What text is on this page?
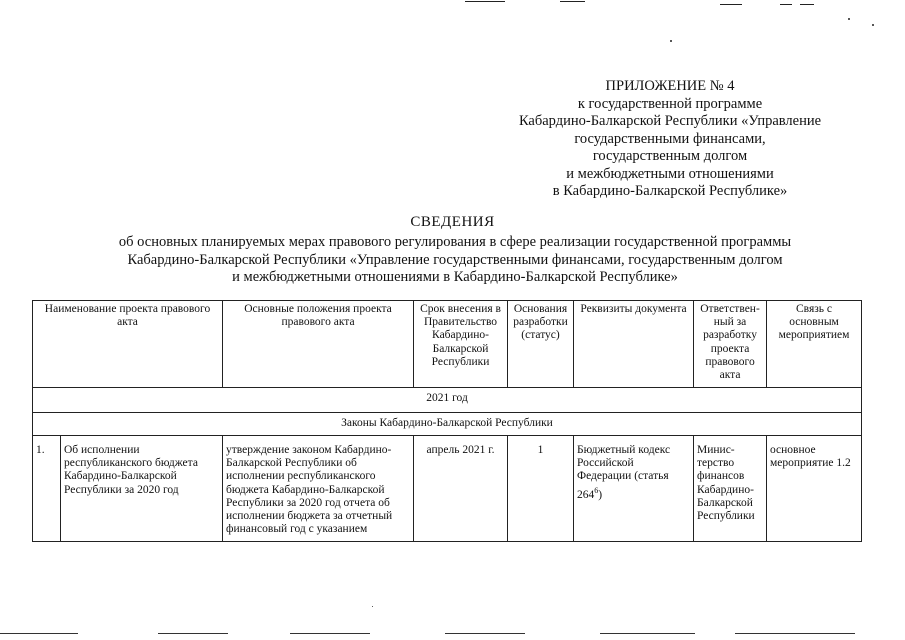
ПРИЛОЖЕНИЕ № 4
к государственной программе
Кабардино-Балкарской Республики «Управление
государственными финансами,
государственным долгом
и межбюджетными отношениями
в Кабардино-Балкарской Республике»
СВЕДЕНИЯ
об основных планируемых мерах правового регулирования в сфере реализации государственной программы
Кабардино-Балкарской Республики «Управление государственными финансами, государственным долгом
и межбюджетными отношениями в Кабардино-Балкарской Республике»
Наименование проекта правового акта		Основные положения проекта правового акта	Срок внесения в Правительство Кабардино-Балкарской Республики	Основания разработки (статус)	Реквизиты документа	Ответствен-ный за разработку проекта правового акта	Связь с основным мероприятием
2021 год							
Законы Кабардино-Балкарской Республики							
1.	Об исполнении республиканского бюджета Кабардино-Балкарской Республики за 2020 год	утверждение законом Кабардино-Балкарской Республики об исполнении республиканского бюджета Кабардино-Балкарской Республики за 2020 год отчета об исполнении бюджета за отчетный финансовый год с указанием	апрель 2021 г.	1	Бюджетный кодекс Российской Федерации (статья $264^6$)	Минис-терство финансов Кабардино-Балкарской Республики	основное мероприятие 1.2
